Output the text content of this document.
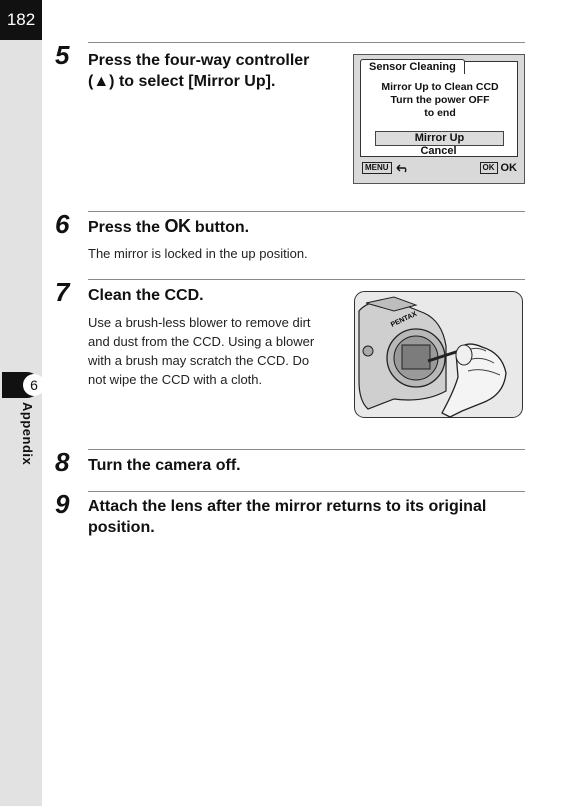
182
6
Appendix
5 Press the four-way controller (▲) to select [Mirror Up].
Sensor Cleaning
Mirror Up to Clean CCD
Turn the power OFF
to end
Mirror Up
Cancel
MENU	OK OK
6 Press the OK button.
The mirror is locked in the up position.
7 Clean the CCD.
Use a brush-less blower to remove dirt and dust from the CCD. Using a blower with a brush may scratch the CCD. Do not wipe the CCD with a cloth.
PENTAX
8 Turn the camera off.
9 Attach the lens after the mirror returns to its original position.
